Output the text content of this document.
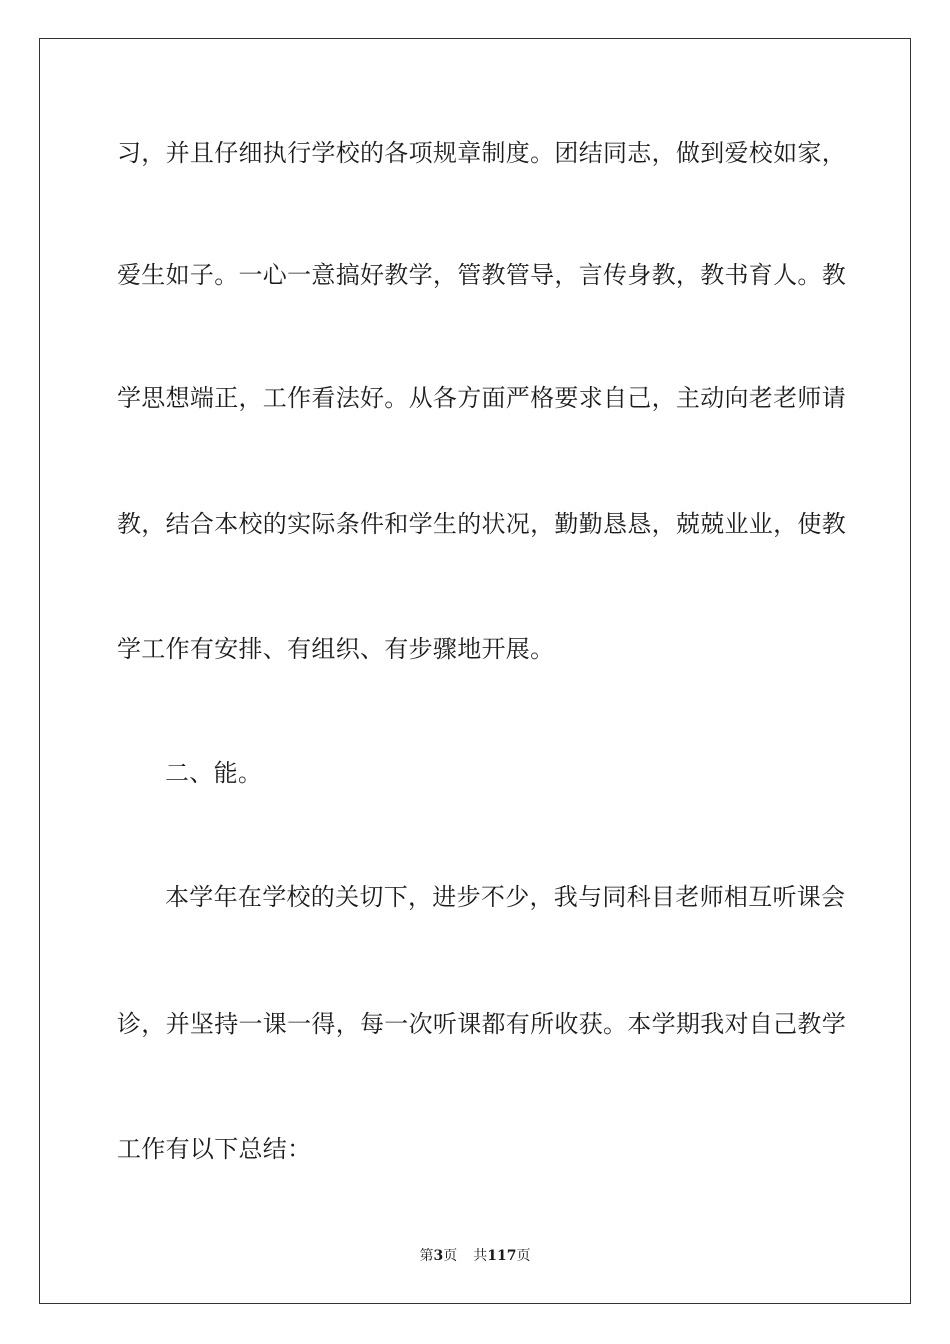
习，并且仔细执行学校的各项规章制度。团结同志，做到爱校如家，
爱生如子。一心一意搞好教学，管教管导，言传身教，教书育人。教
学思想端正，工作看法好。从各方面严格要求自己，主动向老老师请
教，结合本校的实际条件和学生的状况，勤勤恳恳，兢兢业业，使教
学工作有安排、有组织、有步骤地开展。
二、能。
本学年在学校的关切下，进步不少，我与同科目老师相互听课会
诊，并坚持一课一得，每一次听课都有所收获。本学期我对自己教学
工作有以下总结：
第3页 共117页
